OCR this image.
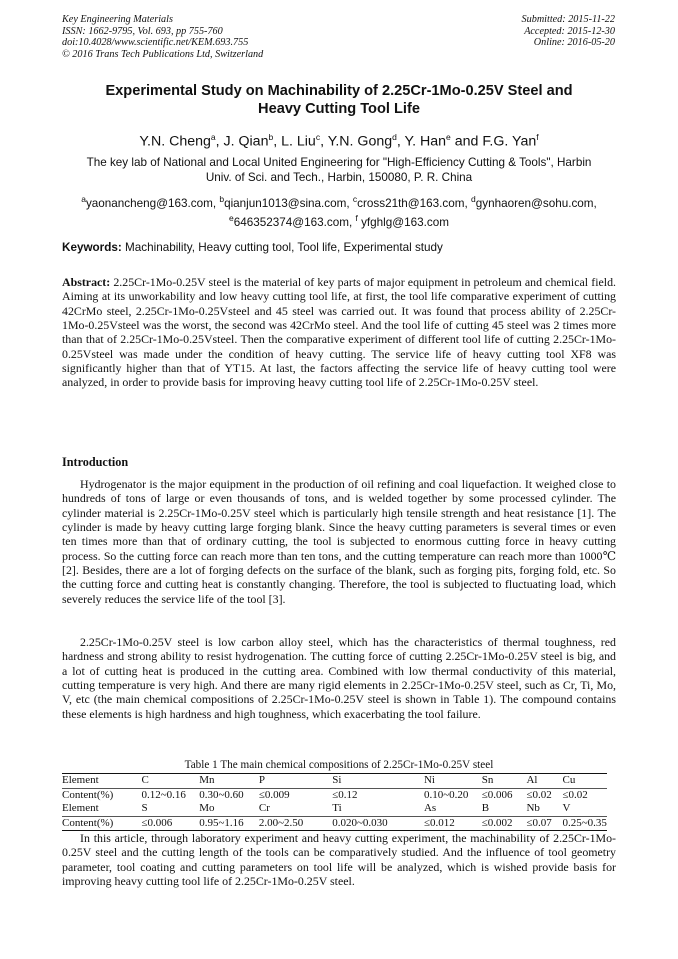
Key Engineering Materials
ISSN: 1662-9795, Vol. 693, pp 755-760
doi:10.4028/www.scientific.net/KEM.693.755
© 2016 Trans Tech Publications Ltd, Switzerland
Submitted: 2015-11-22
Accepted: 2015-12-30
Online: 2016-05-20
Experimental Study on Machinability of 2.25Cr-1Mo-0.25V Steel and
Heavy Cutting Tool Life
Y.N. Cheng$^a$, J. Qian$^b$, L. Liu$^c$, Y.N. Gong$^d$, Y. Han$^e$ and F.G. Yan$^f$
The key lab of National and Local United Engineering for "High-Efficiency Cutting & Tools", Harbin
Univ. of Sci. and Tech., Harbin, 150080, P. R. China
$^a$yaonancheng@163.com, $^b$qianjun1013@sina.com, $^c$cross21th@163.com, $^d$gynhaoren@sohu.com,
$^e$646352374@163.com, $^f$ yfghlg@163.com
Keywords: Machinability, Heavy cutting tool, Tool life, Experimental study

Abstract: 2.25Cr-1Mo-0.25V steel is the material of key parts of major equipment in petroleum and chemical field. Aiming at its unworkability and low heavy cutting tool life, at first, the tool life comparative experiment of cutting 42CrMo steel, 2.25Cr-1Mo-0.25Vsteel and 45 steel was carried out. It was found that process ability of 2.25Cr-1Mo-0.25Vsteel was the worst, the second was 42CrMo steel. And the tool life of cutting 45 steel was 2 times more than that of 2.25Cr-1Mo-0.25Vsteel. Then the comparative experiment of different tool life of cutting 2.25Cr-1Mo-0.25Vsteel was made under the condition of heavy cutting. The service life of heavy cutting tool XF8 was significantly higher than that of YT15. At last, the factors affecting the service life of heavy cutting tool were analyzed, in order to provide basis for improving heavy cutting tool life of 2.25Cr-1Mo-0.25V steel.

Introduction

Hydrogenator is the major equipment in the production of oil refining and coal liquefaction. It weighed close to hundreds of tons of large or even thousands of tons, and is welded together by some processed cylinder. The cylinder material is 2.25Cr-1Mo-0.25V steel which is particularly high tensile strength and heat resistance [1]. The cylinder is made by heavy cutting large forging blank. Since the heavy cutting parameters is several times or even ten times more than that of ordinary cutting, the tool is subjected to enormous cutting force in heavy cutting process. So the cutting force can reach more than ten tons, and the cutting temperature can reach more than 1000℃ [2]. Besides, there are a lot of forging defects on the surface of the blank, such as forging pits, forging fold, etc. So the cutting force and cutting heat is constantly changing. Therefore, the tool is subjected to fluctuating load, which severely reduces the service life of the tool [3].

2.25Cr-1Mo-0.25V steel is low carbon alloy steel, which has the characteristics of thermal toughness, red hardness and strong ability to resist hydrogenation. The cutting force of cutting 2.25Cr-1Mo-0.25V steel is big, and a lot of cutting heat is produced in the cutting area. Combined with low thermal conductivity of this material, cutting temperature is very high. And there are many rigid elements in 2.25Cr-1Mo-0.25V steel, such as Cr, Ti, Mo, V, etc (the main chemical compositions of 2.25Cr-1Mo-0.25V steel is shown in Table 1). The compound contains these elements is high hardness and high toughness, which exacerbating the tool failure.

Table 1 The main chemical compositions of 2.25Cr-1Mo-0.25V steel
Element	C	Mn	P	Si	Ni	Sn	Al	Cu
Content(%)	0.12~0.16	0.30~0.60	≤0.009	≤0.12	0.10~0.20	≤0.006	≤0.02	≤0.02
Element	S	Mo	Cr	Ti	As	B	Nb	V
Content(%)	≤0.006	0.95~1.16	2.00~2.50	0.020~0.030	≤0.012	≤0.002	≤0.07	0.25~0.35

In this article, through laboratory experiment and heavy cutting experiment, the machinability of 2.25Cr-1Mo-0.25V steel and the cutting length of the tools can be comparatively studied. And the influence of tool geometry parameter, tool coating and cutting parameters on tool life will be analyzed, which is wished provide basis for improving heavy cutting tool life of 2.25Cr-1Mo-0.25V steel.
